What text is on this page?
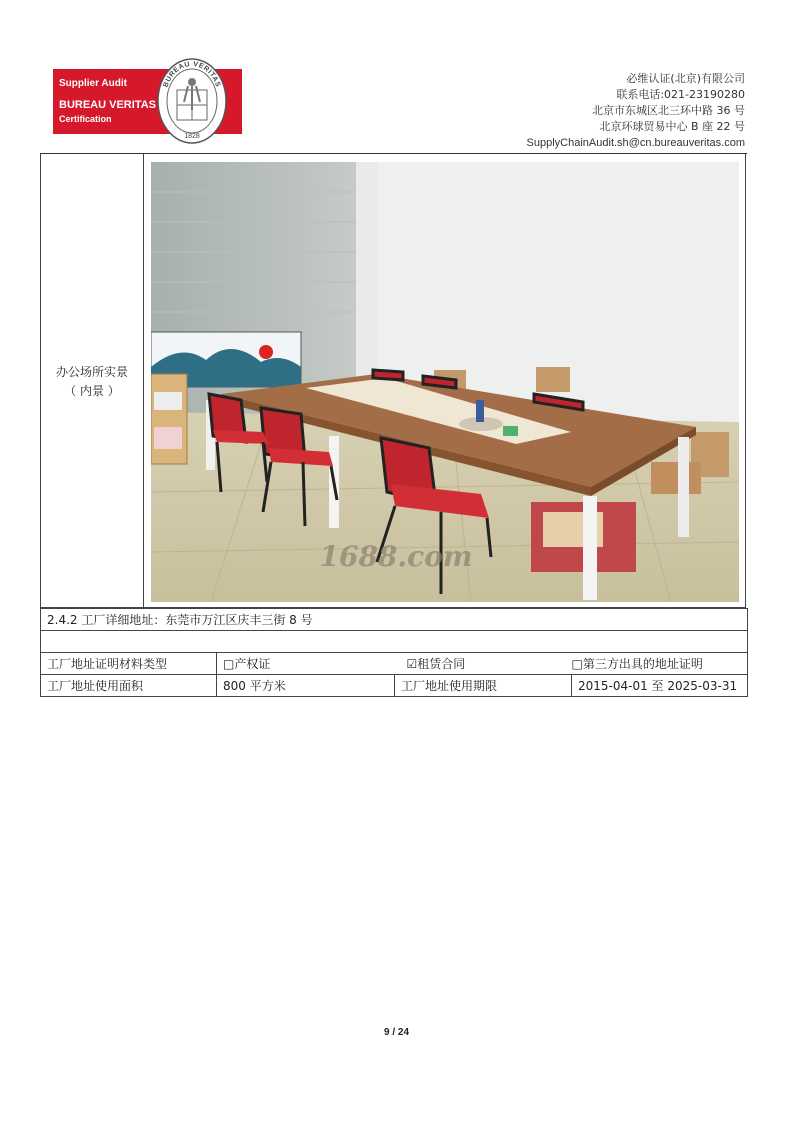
Supplier Audit
BUREAU VERITAS
Certification
BUREAU VERITAS
1828
必维认证(北京)有限公司
联系电话:021-23190280
北京市东城区北三环中路 36 号
北京环球贸易中心 B 座 22 号
SupplyChainAudit.sh@cn.bureauveritas.com
办公场所实景
（ 内景 ）
1688.com
2.4.2 工厂详细地址：东莞市万江区庆丰三街 8 号			

工厂地址证明材料类型	□产权证	☑租赁合同	□第三方出具的地址证明
工厂地址使用面积	800 平方米	工厂地址使用期限	2015-04-01 至 2025-03-31
9 / 24
